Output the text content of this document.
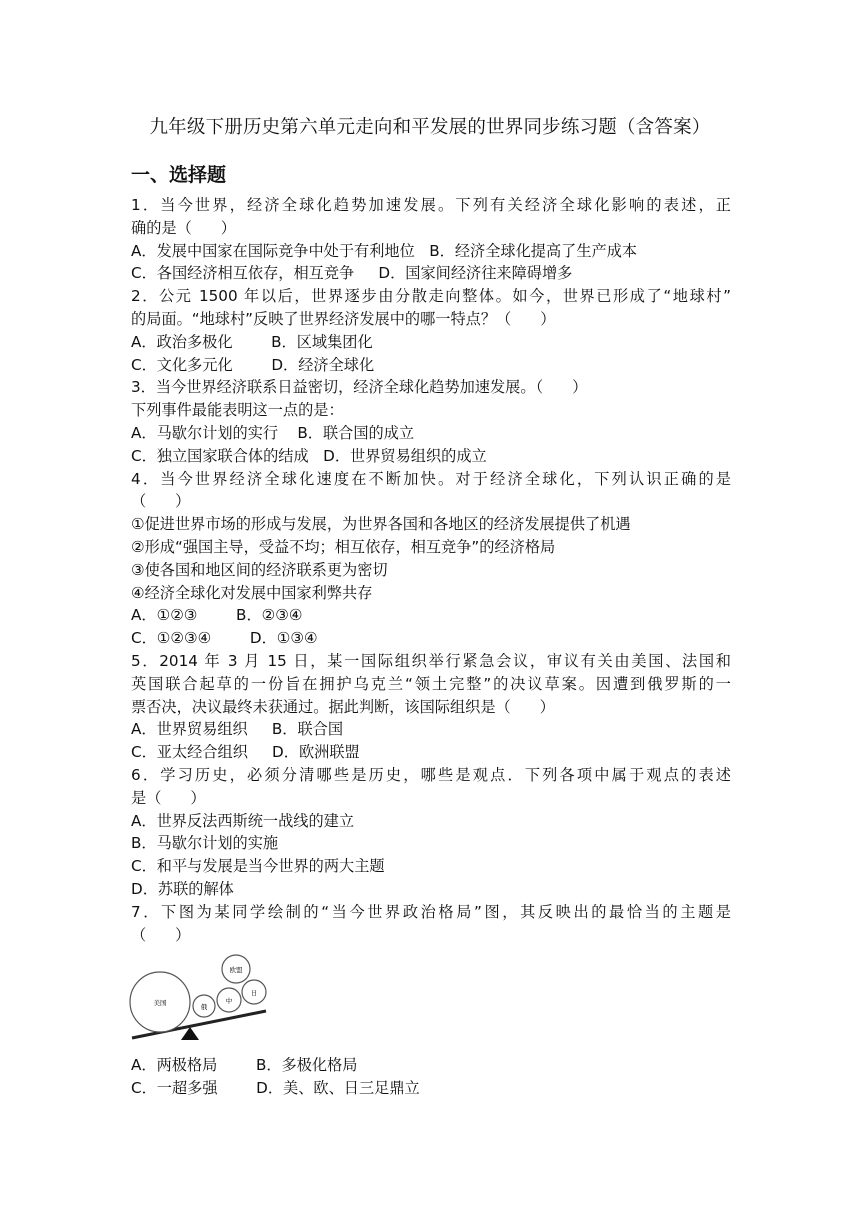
九年级下册历史第六单元走向和平发展的世界同步练习题（含答案）
一、选择题
1．当今世界，经济全球化趋势加速发展。下列有关经济全球化影响的表述，正
确的是（      ）
A．发展中国家在国际竞争中处于有利地位   B．经济全球化提高了生产成本
C．各国经济相互依存，相互竞争     D．国家间经济往来障碍增多
2．公元 1500 年以后，世界逐步由分散走向整体。如今，世界已形成了“地球村”
的局面。“地球村”反映了世界经济发展中的哪一特点？（      ）
A．政治多极化        B．区域集团化
C．文化多元化        D．经济全球化
3．当今世界经济联系日益密切，经济全球化趋势加速发展。（      ）
下列事件最能表明这一点的是：
A．马歇尔计划的实行    B．联合国的成立
C．独立国家联合体的结成   D．世界贸易组织的成立
4．当今世界经济全球化速度在不断加快。对于经济全球化，下列认识正确的是
（      ）
①促进世界市场的形成与发展，为世界各国和各地区的经济发展提供了机遇
②形成“强国主导，受益不均；相互依存，相互竞争”的经济格局
③使各国和地区间的经济联系更为密切
④经济全球化对发展中国家利弊共存
A．①②③        B．②③④
C．①②③④        D．①③④
5．2014 年 3 月 15 日，某一国际组织举行紧急会议，审议有关由美国、法国和
英国联合起草的一份旨在拥护乌克兰“领土完整”的决议草案。因遭到俄罗斯的一
票否决，决议最终未获通过。据此判断，该国际组织是（      ）
A．世界贸易组织     B．联合国
C．亚太经合组织     D．欧洲联盟
6．学习历史，必须分清哪些是历史，哪些是观点．下列各项中属于观点的表述
是（      ）
A．世界反法西斯统一战线的建立
B．马歇尔计划的实施
C．和平与发展是当今世界的两大主题
D．苏联的解体
7．下图为某同学绘制的“当今世界政治格局”图，其反映出的最恰当的主题是
（      ）
美国	俄
中
欧盟
日
A．两极格局        B．多极化格局
C．一超多强        D．美、欧、日三足鼎立
